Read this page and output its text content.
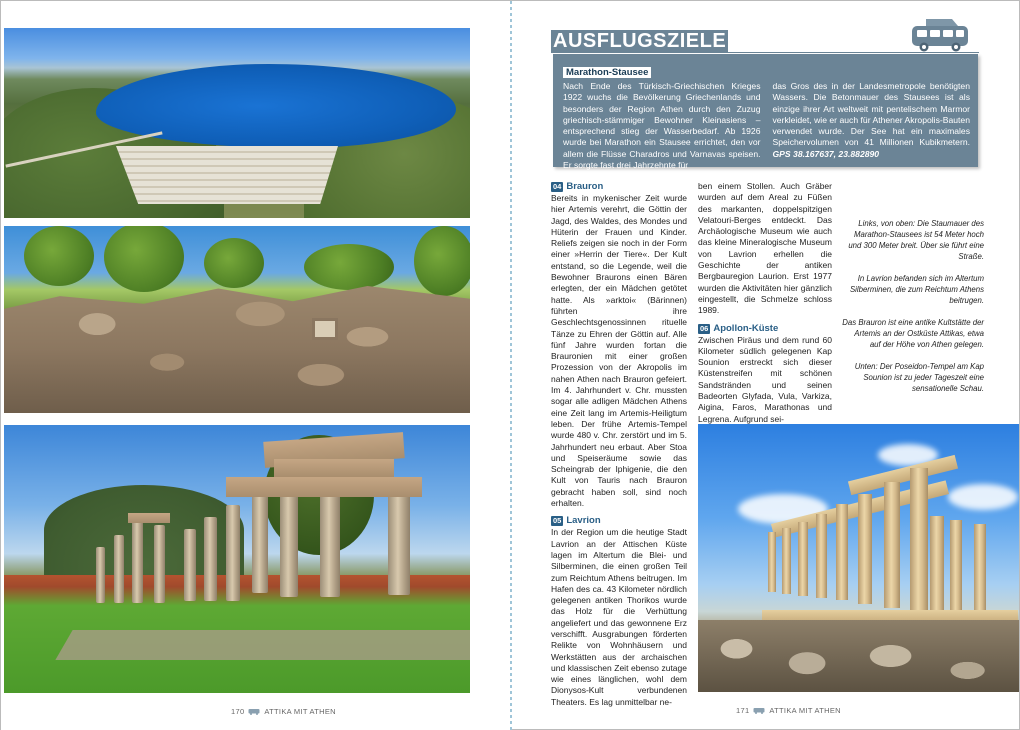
170	ATTIKA MIT ATHEN
AUSFLUGSZIELE
Marathon-Stausee
Nach Ende des Türkisch-Griechischen Krieges 1922 wuchs die Bevölkerung Griechenlands und besonders der Region Athen durch den Zuzug griechisch-stämmiger Bewohner Kleinasiens – entsprechend stieg der Wasserbedarf. Ab 1926 wurde bei Marathon ein Stausee errichtet, den vor allem die Flüsse Charadros und Varnavas speisen. Er sorgte fast drei Jahrzehnte für
das Gros des in der Landesmetropole benötigten Wassers. Die Betonmauer des Stausees ist als einzige ihrer Art weltweit mit pentelischem Marmor verkleidet, wie er auch für Athener Akropolis-Bauten verwendet wurde. Der See hat ein maximales Speichervolumen von 41 Millionen Kubikmetern. GPS 38.167637, 23.882890
04 Brauron
Bereits in mykenischer Zeit wurde hier Artemis verehrt, die Göttin der Jagd, des Waldes, des Mondes und Hüterin der Frauen und Kinder. Reliefs zeigen sie noch in der Form einer »Herrin der Tiere«. Der Kult entstand, so die Legende, weil die Bewohner Braurons einen Bären erlegten, der ein Mädchen getötet hatte. Als »arktoi« (Bärinnen) führten ihre Geschlechtsgenossinnen rituelle Tänze zu Ehren der Göttin auf. Alle fünf Jahre wurden fortan die Brauronien mit einer großen Prozession von der Akropolis im nahen Athen nach Brauron gefeiert. Im 4. Jahrhundert v. Chr. mussten sogar alle adligen Mädchen Athens eine Zeit lang im Artemis-Heiligtum leben. Der frühe Artemis-Tempel wurde 480 v. Chr. zerstört und im 5. Jahrhundert neu erbaut. Aber Stoa und Speiseräume sowie das Scheingrab der Iphigenie, die den Kult von Tauris nach Brauron gebracht haben soll, sind noch erhalten.
05 Lavrion
In der Region um die heutige Stadt Lavrion an der Attischen Küste lagen im Altertum die Blei- und Silberminen, die einen großen Teil zum Reichtum Athens beitrugen. Im Hafen des ca. 43 Kilometer nördlich gelegenen antiken Thorikos wurde das Holz für die Verhüttung angeliefert und das gewonnene Erz verschifft. Ausgrabungen förderten Relikte von Wohnhäusern und Werkstätten aus der archaischen und klassischen Zeit ebenso zutage wie eines länglichen, wohl dem Dionysos-Kult verbundenen Theaters. Es lag unmittelbar ne-
ben einem Stollen. Auch Gräber wurden auf dem Areal zu Füßen des markanten, doppelspitzigen Velatouri-Berges entdeckt. Das Archäologische Museum wie auch das kleine Mineralogische Museum von Lavrion erhellen die Geschichte der antiken Bergbauregion Laurion. Erst 1977 wurden die Aktivitäten hier gänzlich eingestellt, die Schmelze schloss 1989.
06 Apollon-Küste
Zwischen Piräus und dem rund 60 Kilometer südlich gelegenen Kap Sounion erstreckt sich dieser Küstenstreifen mit schönen Sandstränden und seinen Badeorten Glyfada, Vula, Varkiza, Aigina, Faros, Marathonas und Legrena. Aufgrund sei-
Links, von oben: Die Staumauer des Marathon-Stausees ist 54 Meter hoch und 300 Meter breit. Über sie führt eine Straße.
In Lavrion befanden sich im Altertum Silberminen, die zum Reichtum Athens beitrugen.
Das Brauron ist eine antike Kultstätte der Artemis an der Ostküste Attikas, etwa auf der Höhe von Athen gelegen.
Unten: Der Poseidon-Tempel am Kap Sounion ist zu jeder Tageszeit eine sensationelle Schau.
171	ATTIKA MIT ATHEN
